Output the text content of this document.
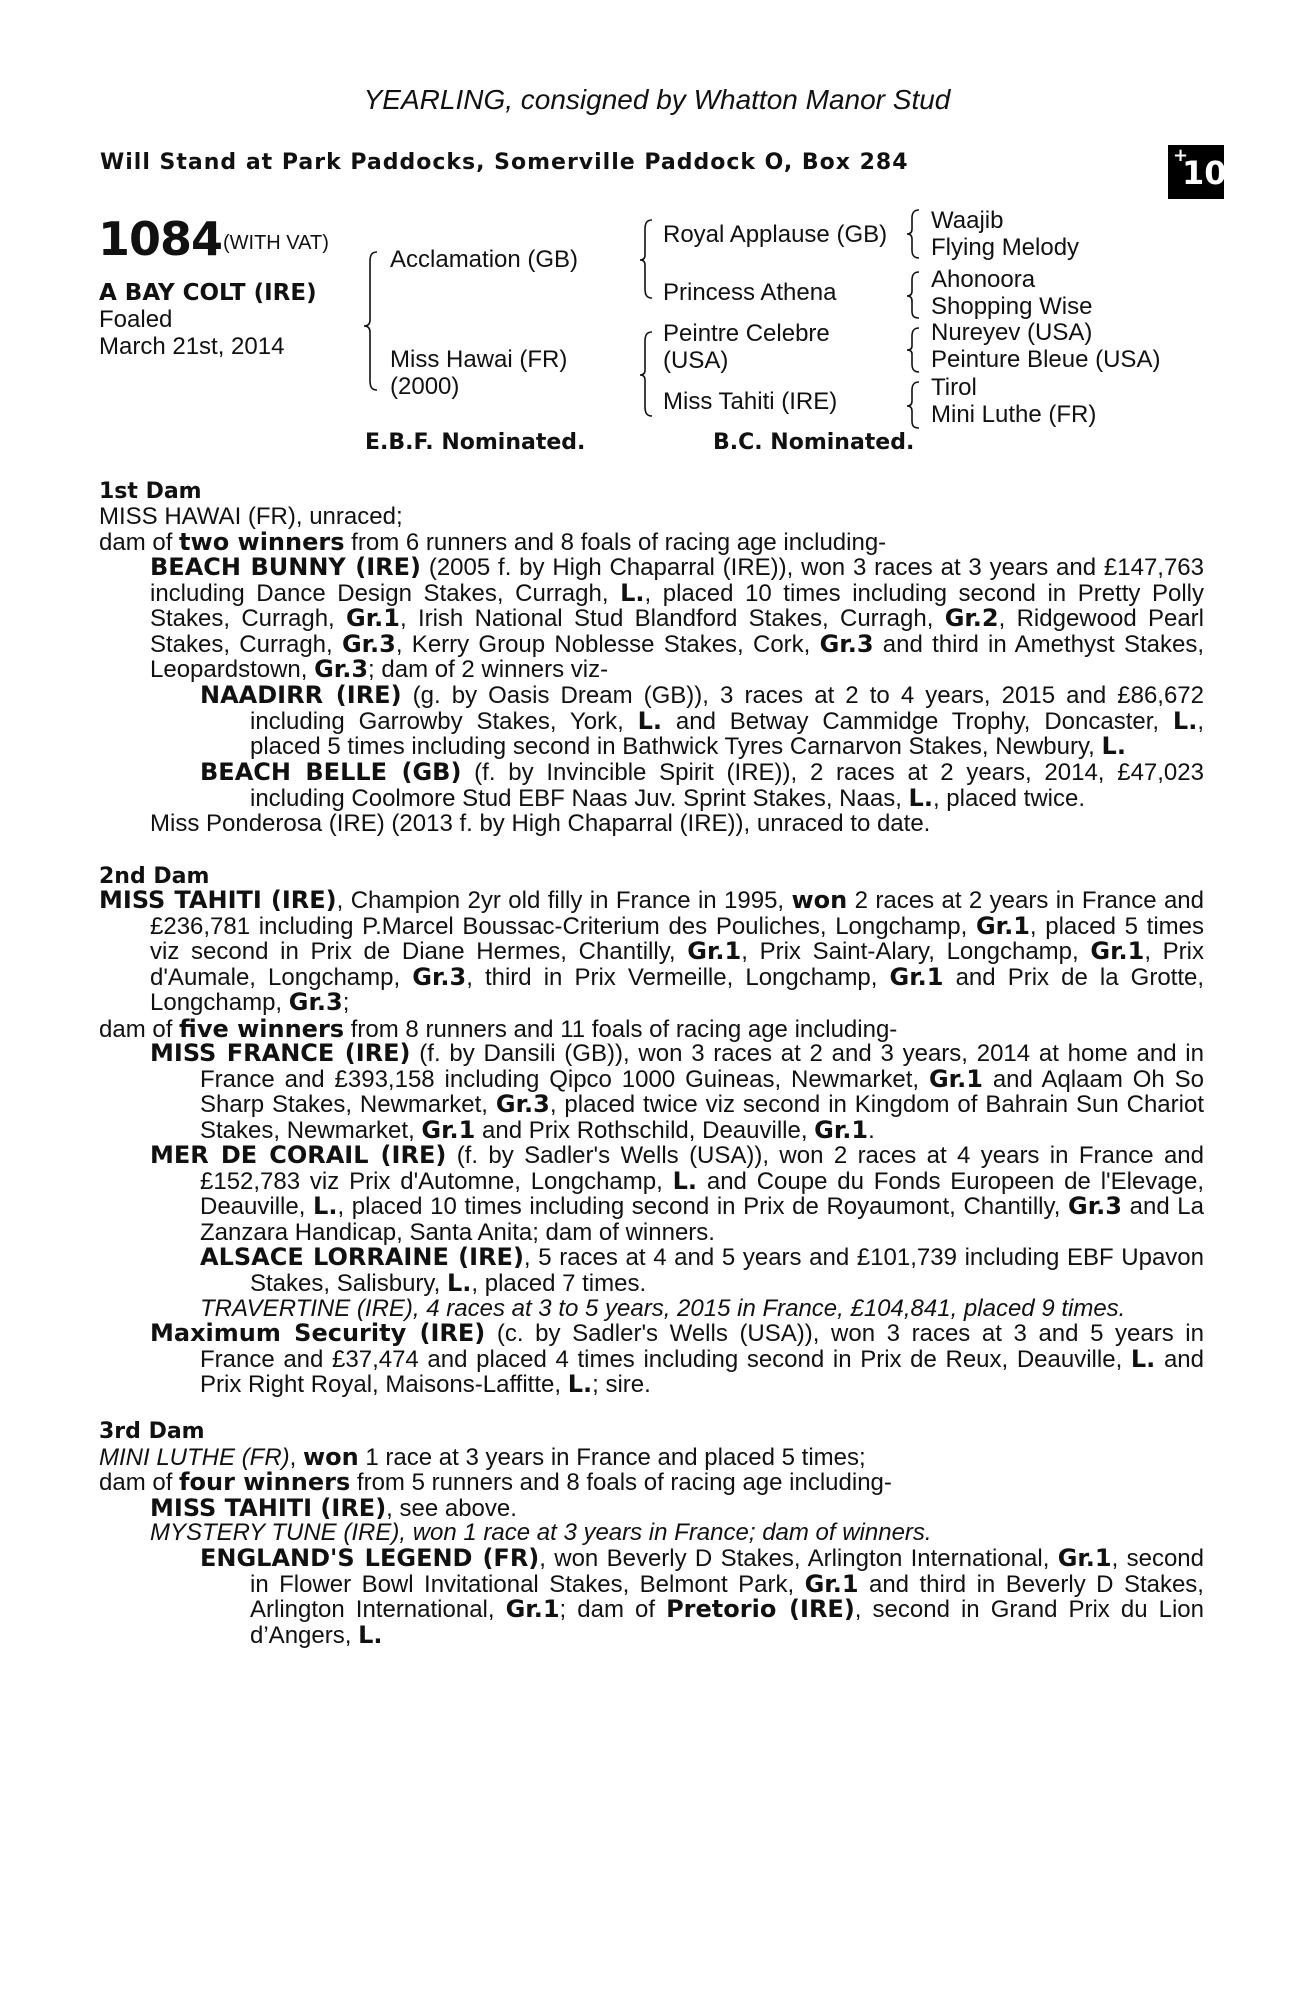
YEARLING, consigned by Whatton Manor Stud
Will Stand at Park Paddocks, Somerville Paddock O, Box 284	+
10
1084 (WITH VAT)
A BAY COLT (IRE)
Foaled
March 21st, 2014
Acclamation (GB)
Miss Hawai (FR)
(2000)
Royal Applause (GB)
Princess Athena
Peintre Celebre
(USA)
Miss Tahiti (IRE)
Waajib
Flying Melody
Ahonoora
Shopping Wise
Nureyev (USA)
Peinture Bleue (USA)
Tirol
Mini Luthe (FR)
E.B.F. Nominated.	B.C. Nominated.
1st Dam
MISS HAWAI (FR), unraced;
dam of two winners from 6 runners and 8 foals of racing age including-
BEACH BUNNY (IRE) (2005 f. by High Chaparral (IRE)), won 3 races at 3 years and £147,763 including Dance Design Stakes, Curragh, L., placed 10 times including second in Pretty Polly Stakes, Curragh, Gr.1, Irish National Stud Blandford Stakes, Curragh, Gr.2, Ridgewood Pearl Stakes, Curragh, Gr.3, Kerry Group Noblesse Stakes, Cork, Gr.3 and third in Amethyst Stakes, Leopardstown, Gr.3; dam of 2 winners viz-
NAADIRR (IRE) (g. by Oasis Dream (GB)), 3 races at 2 to 4 years, 2015 and £86,672 including Garrowby Stakes, York, L. and Betway Cammidge Trophy, Doncaster, L., placed 5 times including second in Bathwick Tyres Carnarvon Stakes, Newbury, L.
BEACH BELLE (GB) (f. by Invincible Spirit (IRE)), 2 races at 2 years, 2014, £47,023 including Coolmore Stud EBF Naas Juv. Sprint Stakes, Naas, L., placed twice.
Miss Ponderosa (IRE) (2013 f. by High Chaparral (IRE)), unraced to date.
2nd Dam
MISS TAHITI (IRE), Champion 2yr old filly in France in 1995, won 2 races at 2 years in France and £236,781 including P.Marcel Boussac-Criterium des Pouliches, Longchamp, Gr.1, placed 5 times viz second in Prix de Diane Hermes, Chantilly, Gr.1, Prix Saint-Alary, Longchamp, Gr.1, Prix d'Aumale, Longchamp, Gr.3, third in Prix Vermeille, Longchamp, Gr.1 and Prix de la Grotte, Longchamp, Gr.3;
dam of five winners from 8 runners and 11 foals of racing age including-
MISS FRANCE (IRE) (f. by Dansili (GB)), won 3 races at 2 and 3 years, 2014 at home and in France and £393,158 including Qipco 1000 Guineas, Newmarket, Gr.1 and Aqlaam Oh So Sharp Stakes, Newmarket, Gr.3, placed twice viz second in Kingdom of Bahrain Sun Chariot Stakes, Newmarket, Gr.1 and Prix Rothschild, Deauville, Gr.1.
MER DE CORAIL (IRE) (f. by Sadler's Wells (USA)), won 2 races at 4 years in France and £152,783 viz Prix d'Automne, Longchamp, L. and Coupe du Fonds Europeen de l'Elevage, Deauville, L., placed 10 times including second in Prix de Royaumont, Chantilly, Gr.3 and La Zanzara Handicap, Santa Anita; dam of winners.
ALSACE LORRAINE (IRE), 5 races at 4 and 5 years and £101,739 including EBF Upavon Stakes, Salisbury, L., placed 7 times.
TRAVERTINE (IRE), 4 races at 3 to 5 years, 2015 in France, £104,841, placed 9 times.
Maximum Security (IRE) (c. by Sadler's Wells (USA)), won 3 races at 3 and 5 years in France and £37,474 and placed 4 times including second in Prix de Reux, Deauville, L. and Prix Right Royal, Maisons-Laffitte, L.; sire.
3rd Dam
MINI LUTHE (FR), won 1 race at 3 years in France and placed 5 times;
dam of four winners from 5 runners and 8 foals of racing age including-
MISS TAHITI (IRE), see above.
MYSTERY TUNE (IRE), won 1 race at 3 years in France; dam of winners.
ENGLAND'S LEGEND (FR), won Beverly D Stakes, Arlington International, Gr.1, second in Flower Bowl Invitational Stakes, Belmont Park, Gr.1 and third in Beverly D Stakes, Arlington International, Gr.1; dam of Pretorio (IRE), second in Grand Prix du Lion d’Angers, L.
